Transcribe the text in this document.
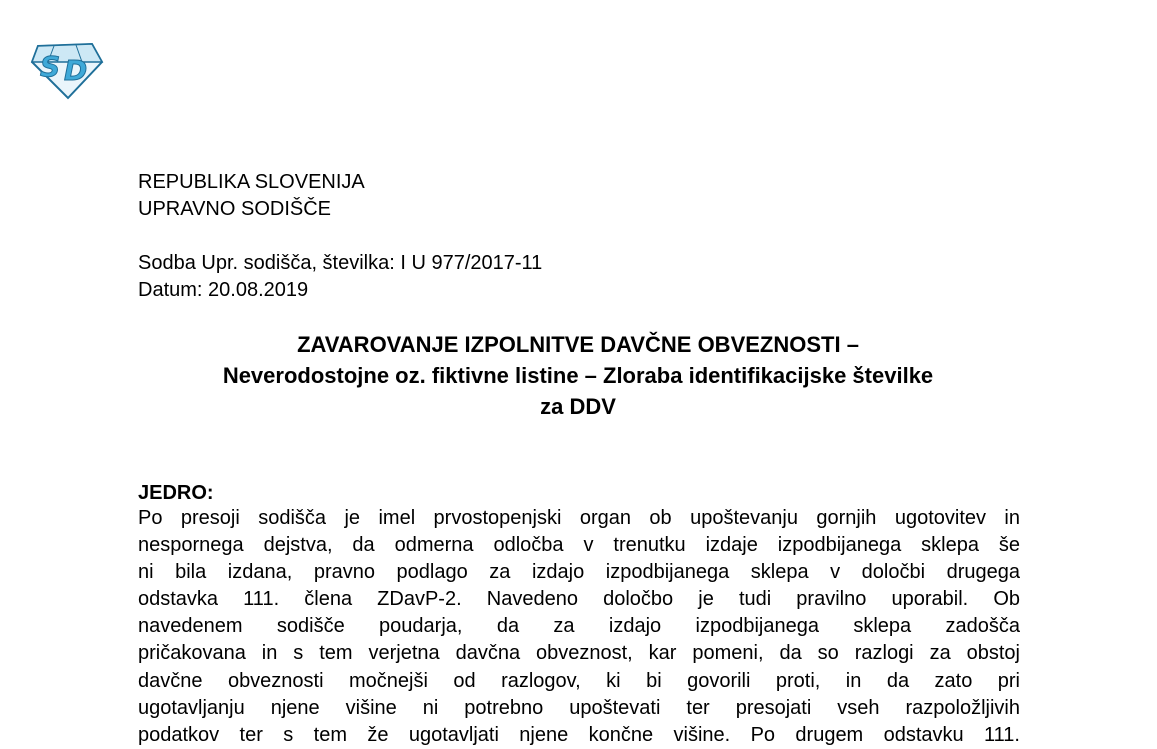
S D
REPUBLIKA SLOVENIJA
UPRAVNO SODIŠČE
Sodba Upr. sodišča, številka: I U 977/2017-11
Datum: 20.08.2019
ZAVAROVANJE IZPOLNITVE DAVČNE OBVEZNOSTI –
Neverodostojne oz. fiktivne listine – Zloraba identifikacijske številke
za DDV
JEDRO:
Po presoji sodišča je imel prvostopenjski organ ob upoštevanju gornjih ugotovitev in
nespornega dejstva, da odmerna odločba v trenutku izdaje izpodbijanega sklepa še
ni bila izdana, pravno podlago za izdajo izpodbijanega sklepa v določbi drugega
odstavka 111. člena ZDavP-2. Navedeno določbo je tudi pravilno uporabil. Ob
navedenem sodišče poudarja, da za izdajo izpodbijanega sklepa zadošča
pričakovana in s tem verjetna davčna obveznost, kar pomeni, da so razlogi za obstoj
davčne obveznosti močnejši od razlogov, ki bi govorili proti, in da zato pri
ugotavljanju njene višine ni potrebno upoštevati ter presojati vseh razpoložljivih
podatkov ter s tem že ugotavljati njene končne višine. Po drugem odstavku 111.
